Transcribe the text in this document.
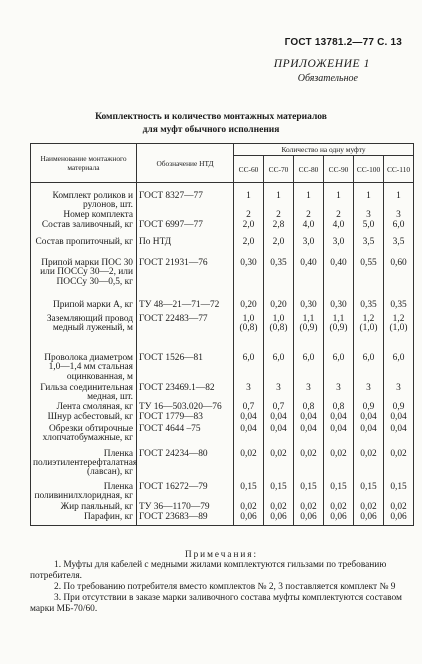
ГОСТ 13781.2—77 С. 13
ПРИЛОЖЕНИЕ 1
Обязательное
Комплектность и количество монтажных материалов
для муфт обычного исполнения
Наименование монтажного материала	Обозначение НТД	Количество на одну муфту					
		СС-60	СС-70	СС-80	СС-90	СС-100	СС-110
Комплект роликов и рулонов, шт.	ГОСТ 8327—77	1	1	1	1	1	1
Номер комплекта		2	2	2	2	3	3
Состав заливочный, кг	ГОСТ 6997—77	2,0	2,8	4,0	4,0	5,0	6,0
Состав пропиточный, кг	По НТД	2,0	2,0	3,0	3,0	3,5	3,5
Припой марки ПОС 30 или ПОССу 30—2, или ПОССу 30—0,5, кг	ГОСТ 21931—76	0,30	0,35	0,40	0,40	0,55	0,60
Припой марки А, кг	ТУ 48—21—71—72	0,20	0,20	0,30	0,30	0,35	0,35
Заземляющий провод медный луженый, м	ГОСТ 22483—77	1,0 (0,8)	1,0 (0,8)	1,1 (0,9)	1,1 (0,9)	1,2 (1,0)	1,2 (1,0)
Проволока диаметром 1,0—1,4 мм стальная оцинкованная, м	ГОСТ 1526—81	6,0	6,0	6,0	6,0	6,0	6,0
Гильза соединительная медная, шт.	ГОСТ 23469.1—82	3	3	3	3	3	3
Лента смоляная, кг	ТУ 16—503.020—76	0,7	0,7	0,8	0,8	0,9	0,9
Шнур асбестовый, кг	ГОСТ 1779—83	0,04	0,04	0,04	0,04	0,04	0,04
Обрезки обтирочные хлопчатобумажные, кг	ГОСТ 4644 –75	0,04	0,04	0,04	0,04	0,04	0,04
Пленка полиэтилентерефталатная (лавсан), кг	ГОСТ 24234—80	0,02	0,02	0,02	0,02	0,02	0,02
Пленка поливинилхлоридная, кг	ГОСТ 16272—79	0,15	0,15	0,15	0,15	0,15	0,15
Жир паяльный, кг	ТУ 36—1170—79	0,02	0,02	0,02	0,02	0,02	0,02
Парафин, кг	ГОСТ 23683—89	0,06	0,06	0,06	0,06	0,06	0,06
Примечания:

1. Муфты для кабелей с медными жилами комплектуются гильзами по требованию потребителя.

2. По требованию потребителя вместо комплектов № 2, 3 поставляется комплект № 9

3. При отсутствии в заказе марки заливочного состава муфты комплектуются составом марки МБ-70/60.
